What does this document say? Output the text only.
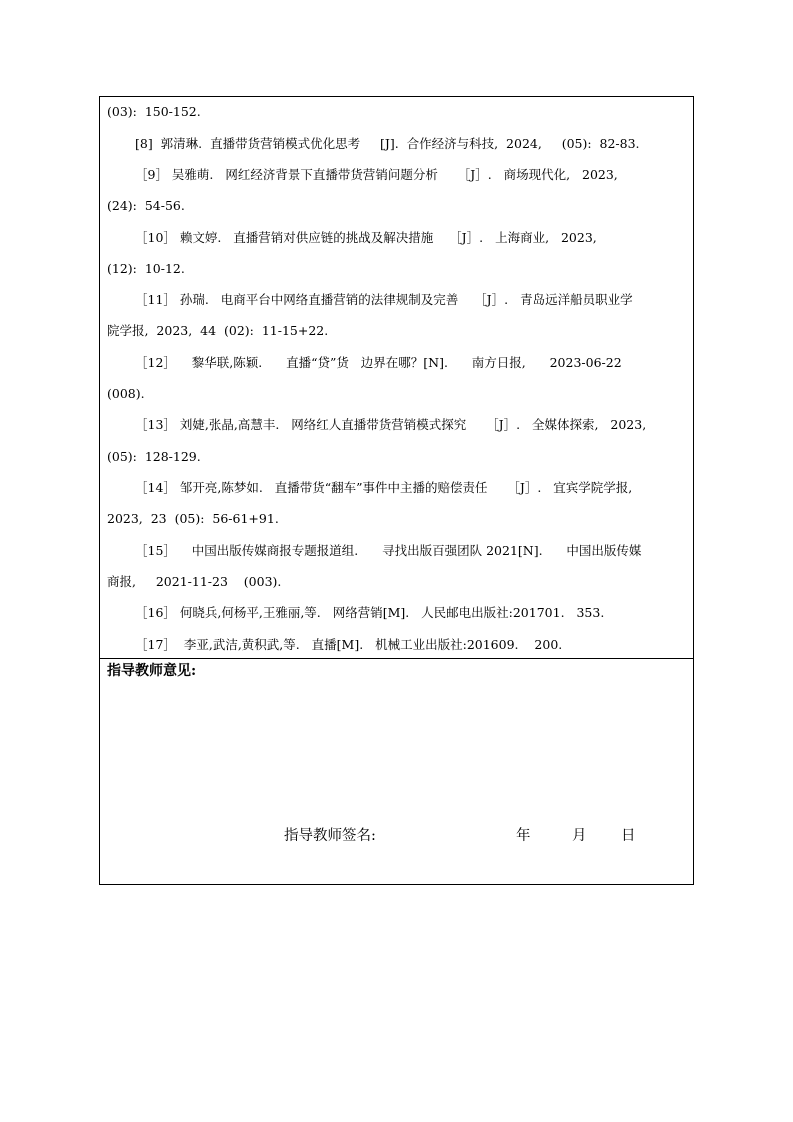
(03):  150-152.
[8]  郭清琳.  直播带货营销模式优化思考     [J].  合作经济与科技,  2024,     (05):  82-83.
［9］ 吴雅萌.   网红经济背景下直播带货营销问题分析     ［J］.   商场现代化,   2023,
(24):  54-56.
［10］ 赖文婷.   直播营销对供应链的挑战及解决措施    ［J］.   上海商业,   2023,
(12):  10-12.
［11］ 孙瑞.   电商平台中网络直播营销的法律规制及完善    ［J］.   青岛远洋船员职业学
院学报,  2023,  44  (02):  11-15+22.
［12］    黎华联,陈颖.      直播“贷”货   边界在哪？[N].      南方日报,      2023-06-22
(008).
［13］ 刘婕,张晶,高慧丰.   网络红人直播带货营销模式探究     ［J］.   全媒体探索,   2023,
(05):  128-129.
［14］ 邹开亮,陈梦如.   直播带货“翻车”事件中主播的赔偿责任     ［J］.   宜宾学院学报,
2023,  23  (05):  56-61+91.
［15］    中国出版传媒商报专题报道组.      寻找出版百强团队 2021[N].      中国出版传媒
商报,     2021-11-23    (003).
［16］ 何晓兵,何杨平,王雅丽,等.   网络营销[M].   人民邮电出版社:201701.   353.
［17］  李亚,武洁,黄积武,等.   直播[M].   机械工业出版社:201609.    200.
指导教师意见:
指导教师签名:	年	月 日
